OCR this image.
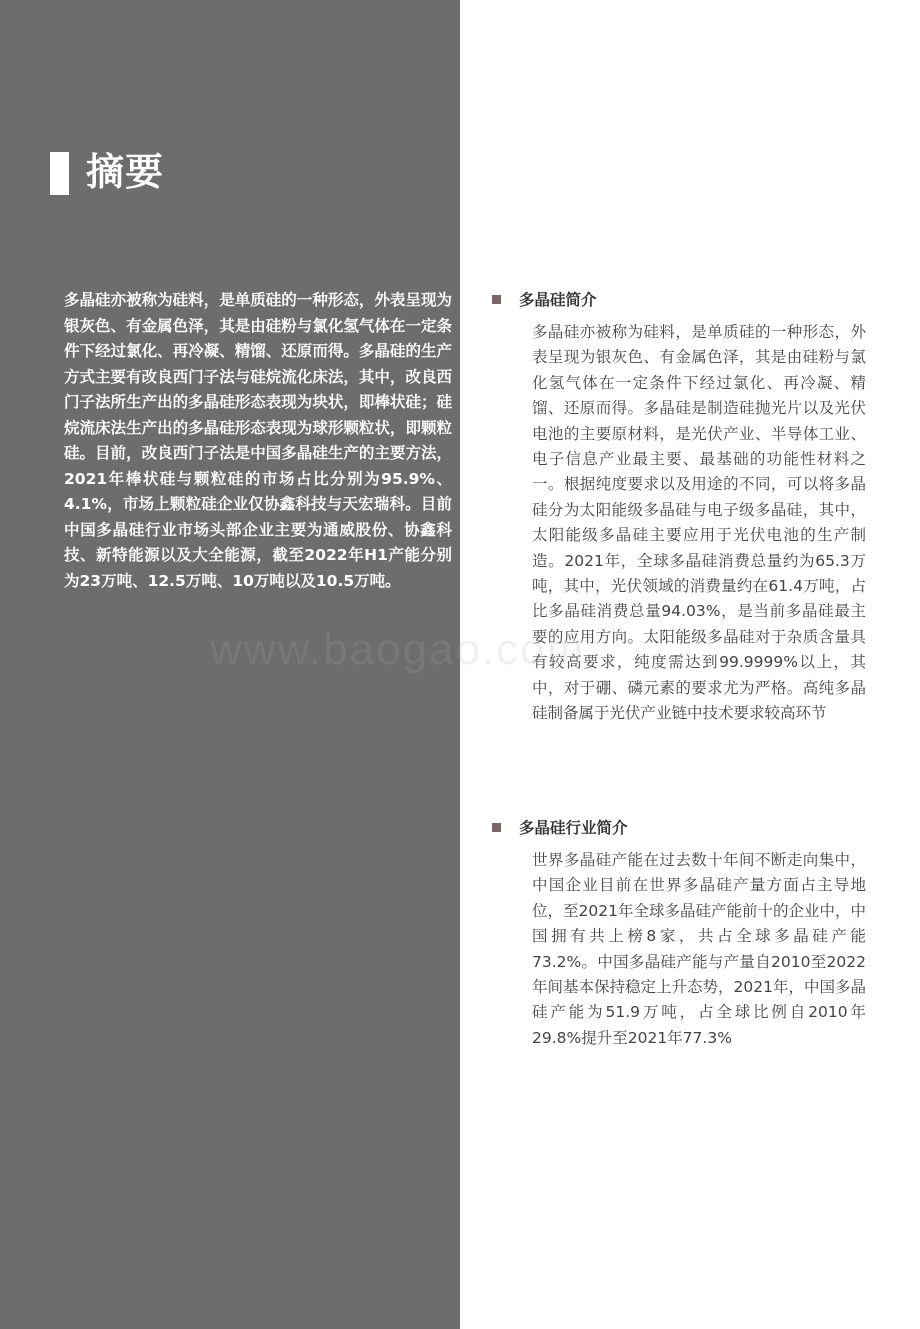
摘要

多晶硅亦被称为硅料，是单质硅的一种形态，外表呈现为银灰色、有金属色泽，其是由硅粉与氯化氢气体在一定条件下经过氯化、再冷凝、精馏、还原而得。多晶硅的生产方式主要有改良西门子法与硅烷流化床法，其中，改良西门子法所生产出的多晶硅形态表现为块状，即棒状硅；硅烷流床法生产出的多晶硅形态表现为球形颗粒状，即颗粒硅。目前，改良西门子法是中国多晶硅生产的主要方法，2021年棒状硅与颗粒硅的市场占比分别为95.9%、4.1%，市场上颗粒硅企业仅协鑫科技与天宏瑞科。目前中国多晶硅行业市场头部企业主要为通威股份、协鑫科技、新特能源以及大全能源，截至2022年H1产能分别为23万吨、12.5万吨、10万吨以及10.5万吨。

多晶硅简介

多晶硅亦被称为硅料，是单质硅的一种形态，外表呈现为银灰色、有金属色泽，其是由硅粉与氯化氢气体在一定条件下经过氯化、再冷凝、精馏、还原而得。多晶硅是制造硅抛光片以及光伏电池的主要原材料，是光伏产业、半导体工业、电子信息产业最主要、最基础的功能性材料之一。根据纯度要求以及用途的不同，可以将多晶硅分为太阳能级多晶硅与电子级多晶硅，其中，太阳能级多晶硅主要应用于光伏电池的生产制造。2021年，全球多晶硅消费总量约为65.3万吨，其中，光伏领域的消费量约在61.4万吨，占比多晶硅消费总量94.03%，是当前多晶硅最主要的应用方向。太阳能级多晶硅对于杂质含量具有较高要求，纯度需达到99.9999%以上，其中，对于硼、磷元素的要求尤为严格。高纯多晶硅制备属于光伏产业链中技术要求较高环节

多晶硅行业简介

世界多晶硅产能在过去数十年间不断走向集中，中国企业目前在世界多晶硅产量方面占主导地位，至2021年全球多晶硅产能前十的企业中，中国拥有共上榜8家，共占全球多晶硅产能73.2%。中国多晶硅产能与产量自2010至2022年间基本保持稳定上升态势，2021年，中国多晶硅产能为51.9万吨，占全球比例自2010年29.8%提升至2021年77.3%
